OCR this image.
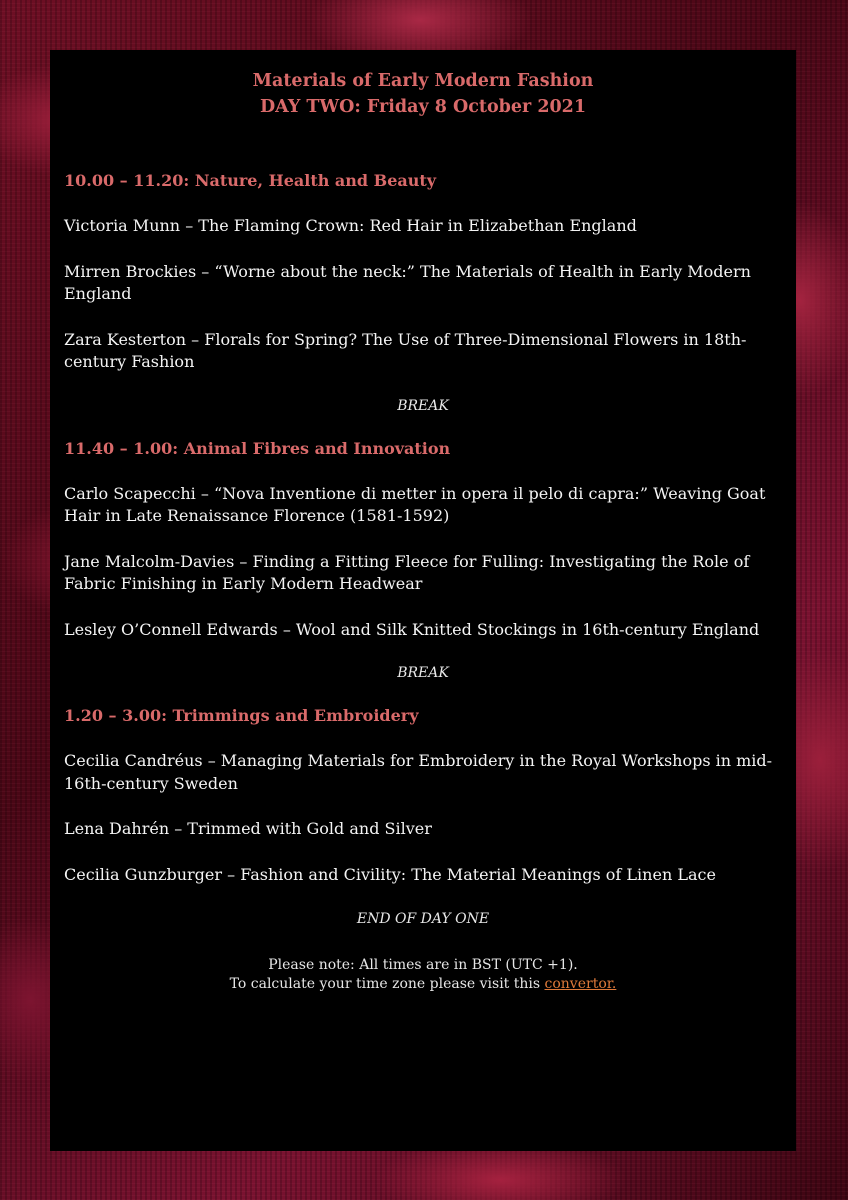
Materials of Early Modern Fashion

DAY TWO: Friday 8 October 2021

10.00 – 11.20: Nature, Health and Beauty

Victoria Munn – The Flaming Crown: Red Hair in Elizabethan England

Mirren Brockies – “Worne about the neck:” The Materials of Health in Early Modern England

Zara Kesterton – Florals for Spring? The Use of Three-Dimensional Flowers in 18th-century Fashion

BREAK

11.40 – 1.00: Animal Fibres and Innovation

Carlo Scapecchi – “Nova Inventione di metter in opera il pelo di capra:” Weaving Goat Hair in Late Renaissance Florence (1581-1592)

Jane Malcolm-Davies – Finding a Fitting Fleece for Fulling: Investigating the Role of Fabric Finishing in Early Modern Headwear

Lesley O’Connell Edwards – Wool and Silk Knitted Stockings in 16th-century England

BREAK

1.20 – 3.00: Trimmings and Embroidery

Cecilia Candréus – Managing Materials for Embroidery in the Royal Workshops in mid-16th-century Sweden

Lena Dahrén – Trimmed with Gold and Silver

Cecilia Gunzburger – Fashion and Civility: The Material Meanings of Linen Lace

END OF DAY ONE

Please note: All times are in BST (UTC +1).

To calculate your time zone please visit this convertor.
